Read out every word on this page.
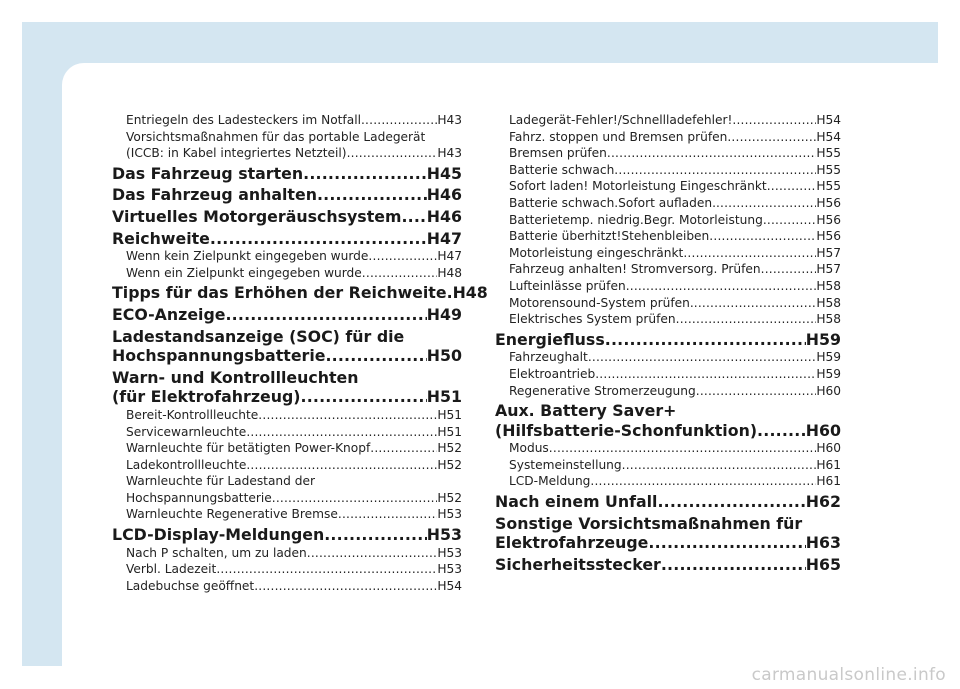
Entriegeln des Ladesteckers im Notfall .....	H43
Vorsichtsmaßnahmen für das portable Ladegerät
(ICCB: in Kabel integriertes Netzteil) .....	H43
Das Fahrzeug starten .....	H45
Das Fahrzeug anhalten .....	H46
Virtuelles Motorgeräuschsystem ..... H46
Reichweite .....	H47
Wenn kein Zielpunkt eingegeben wurde .....	H47
Wenn ein Zielpunkt eingegeben wurde .....	H48
Tipps für das Erhöhen der Reichweite ..... H48
ECO-Anzeige .....	H49
Ladestandsanzeige (SOC) für die
Hochspannungsbatterie .....	H50
Warn- und Kontrollleuchten
(für Elektrofahrzeug) .....	H51
Bereit-Kontrollleuchte .....	H51
Servicewarnleuchte .....	H51
Warnleuchte für betätigten Power-Knopf .....	H52
Ladekontrollleuchte .....	H52
Warnleuchte für Ladestand der
Hochspannungsbatterie .....	H52
Warnleuchte Regenerative Bremse .....	H53
LCD-Display-Meldungen .....	H53
Nach P schalten, um zu laden .....	H53
Verbl. Ladezeit .....	H53
Ladebuchse geöffnet .....	H54
Ladegerät-Fehler!/Schnellladefehler! .....	H54
Fahrz. stoppen und Bremsen prüfen .....	H54
Bremsen prüfen .....	H55
Batterie schwach .....	H55
Sofort laden! Motorleistung Eingeschränkt .....	H55
Batterie schwach.Sofort aufladen. .....	H56
Batterietemp. niedrig.Begr. Motorleistung .....	H56
Batterie überhitzt!Stehenbleiben .....	H56
Motorleistung eingeschränkt .....	H57
Fahrzeug anhalten! Stromversorg. Prüfen .....	H57
Lufteinlässe prüfen .....	H58
Motorensound-System prüfen. .....	H58
Elektrisches System prüfen .....	H58
Energiefluss .....	H59
Fahrzeughalt .....	H59
Elektroantrieb .....	H59
Regenerative Stromerzeugung .....	H60
Aux. Battery Saver+
(Hilfsbatterie-Schonfunktion) .....	H60
Modus .....	H60
Systemeinstellung .....	H61
LCD-Meldung .....	H61
Nach einem Unfall .....	H62
Sonstige Vorsichtsmaßnahmen für
Elektrofahrzeuge .....	H63
Sicherheitsstecker .....	H65
carmanualsonline.info
